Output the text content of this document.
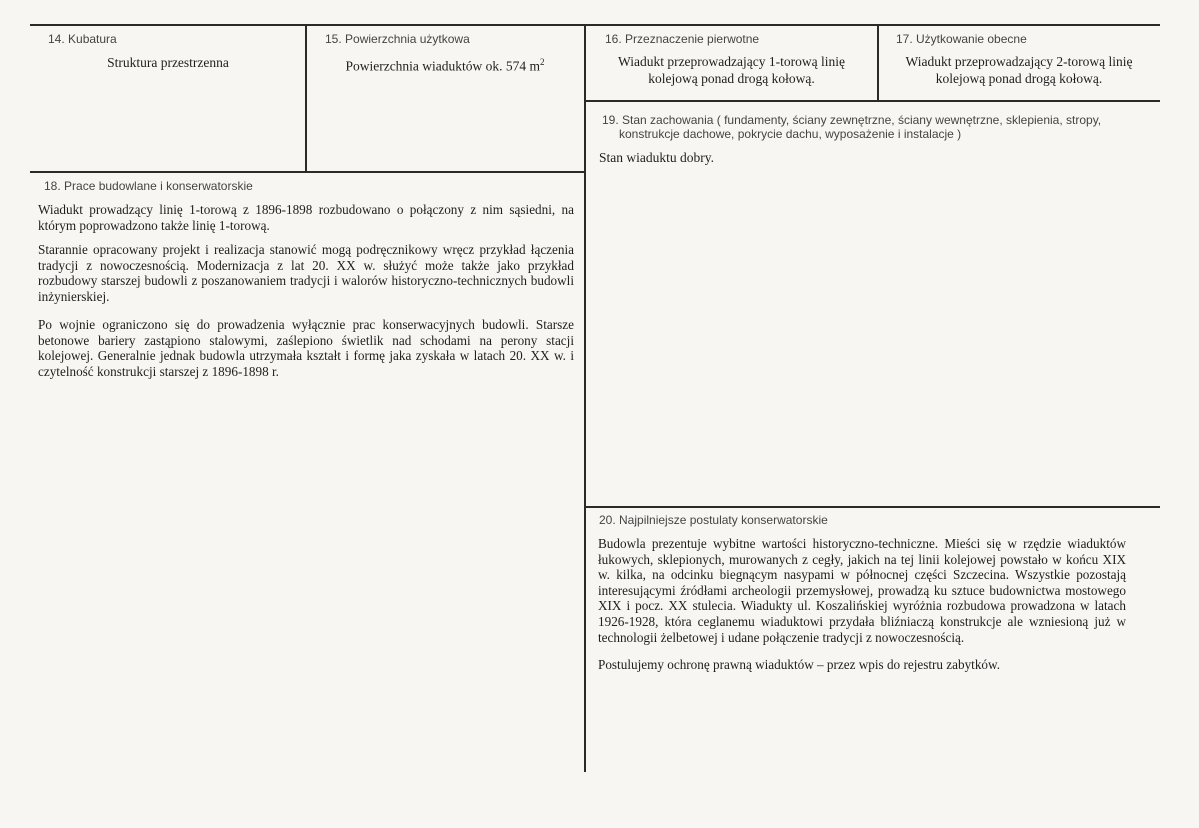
14. Kubatura
Struktura przestrzenna
15. Powierzchnia użytkowa
Powierzchnia wiaduktów ok. 574 $m^2$
16. Przeznaczenie pierwotne
Wiadukt przeprowadzający 1-torową linię
kolejową ponad drogą kołową.
17. Użytkowanie obecne
Wiadukt przeprowadzający 2-torową linię
kolejową ponad drogą kołową.
19. Stan zachowania ( fundamenty, ściany zewnętrzne, ściany wewnętrzne, sklepienia, stropy,
konstrukcje dachowe, pokrycie dachu, wyposażenie i instalacje )

Stan wiaduktu dobry.

18. Prace budowlane i konserwatorskie

Wiadukt prowadzący linię 1-torową z 1896-1898 rozbudowano o połączony z nim sąsiedni, na którym poprowadzono także linię 1-torową.

Starannie opracowany projekt i realizacja stanowić mogą podręcznikowy wręcz przykład łączenia tradycji z nowoczesnością. Modernizacja z lat 20. XX w. służyć może także jako przykład rozbudowy starszej budowli z poszanowaniem tradycji i walorów historyczno-technicznych budowli inżynierskiej.

Po wojnie ograniczono się do prowadzenia wyłącznie prac konserwacyjnych budowli. Starsze betonowe bariery zastąpiono stalowymi, zaślepiono świetlik nad schodami na perony stacji kolejowej. Generalnie jednak budowla utrzymała kształt i formę jaka zyskała w latach 20. XX w. i czytelność konstrukcji starszej z 1896-1898 r.

20. Najpilniejsze postulaty konserwatorskie

Budowla prezentuje wybitne wartości historyczno-techniczne. Mieści się w rzędzie wiaduktów łukowych, sklepionych, murowanych z cegły, jakich na tej linii kolejowej powstało w końcu XIX w. kilka, na odcinku biegnącym nasypami w północnej części Szczecina. Wszystkie pozostają interesującymi źródłami archeologii przemysłowej, prowadzą ku sztuce budownictwa mostowego XIX i pocz. XX stulecia. Wiadukty ul. Koszalińskiej wyróżnia rozbudowa prowadzona w latach 1926-1928, która ceglanemu wiaduktowi przydała bliźniaczą konstrukcje ale wzniesioną już w technologii żelbetowej i udane połączenie tradycji z nowoczesnością.

Postulujemy ochronę prawną wiaduktów – przez wpis do rejestru zabytków.
